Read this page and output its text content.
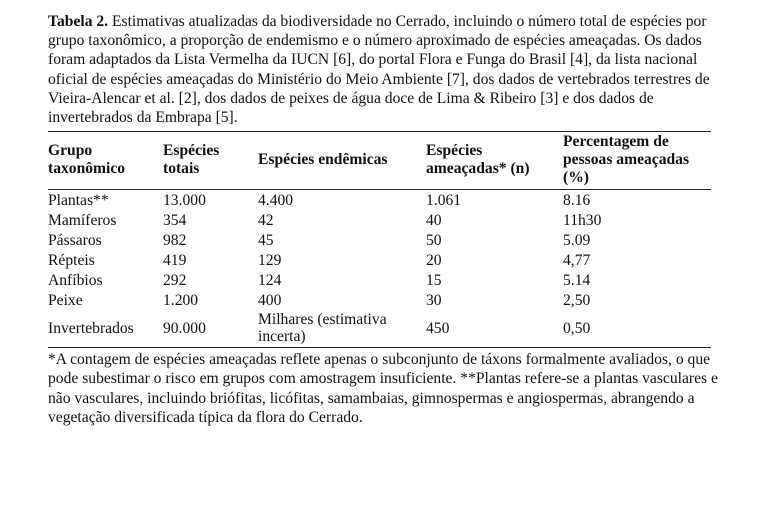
Tabela 2. Estimativas atualizadas da biodiversidade no Cerrado, incluindo o número total de espécies por grupo taxonômico, a proporção de endemismo e o número aproximado de espécies ameaçadas. Os dados foram adaptados da Lista Vermelha da IUCN [6], do portal Flora e Funga do Brasil [4], da lista nacional oficial de espécies ameaçadas do Ministério do Meio Ambiente [7], dos dados de vertebrados terrestres de Vieira-Alencar et al. [2], dos dados de peixes de água doce de Lima & Ribeiro [3] e dos dados de invertebrados da Embrapa [5].

Grupo taxonômico	Espécies totais	Espécies endêmicas	Espécies ameaçadas* (n)	Percentagem de pessoas ameaçadas (%)
Plantas**	13.000	4.400	1.061	8.16
Mamíferos	354	42	40	11h30
Pássaros	982	45	50	5.09
Répteis	419	129	20	4,77
Anfíbios	292	124	15	5.14
Peixe	1.200	400	30	2,50
Invertebrados	90.000	Milhares (estimativa incerta)	450	0,50

*A contagem de espécies ameaçadas reflete apenas o subconjunto de táxons formalmente avaliados, o que pode subestimar o risco em grupos com amostragem insuficiente. **Plantas refere-se a plantas vasculares e não vasculares, incluindo briófitas, licófitas, samambaias, gimnospermas e angiospermas, abrangendo a vegetação diversificada típica da flora do Cerrado.
